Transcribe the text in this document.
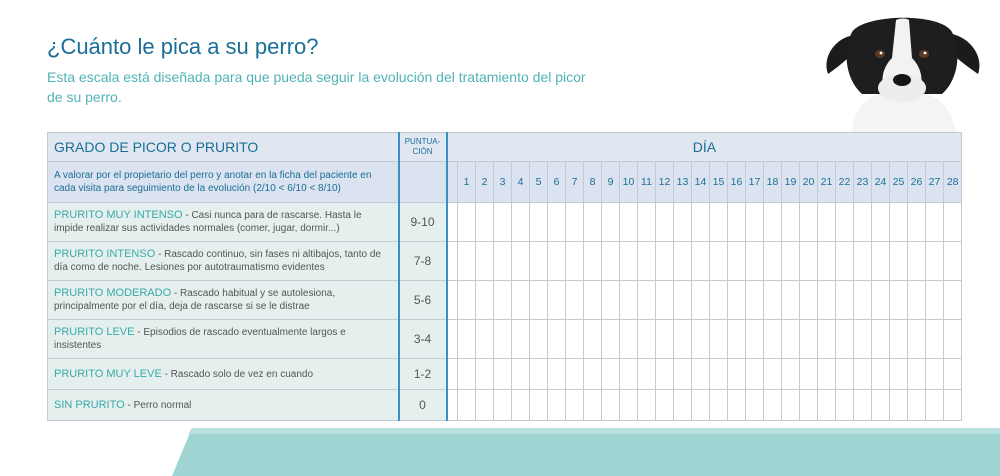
¿Cuánto le pica a su perro?

Esta escala está diseñada para que pueda seguir la evolución del tratamiento del picor de su perro.

GRADO DE PICOR O PRURITO	PUNTUA-CIÓN	DÍA																												
A valorar por el propietario del perro y anotar en la ficha del paciente en cada visita para seguimiento de la evolución (2/10 < 6/10 < 8/10)			1	2	3	4	5	6	7	8	9	10	11	12	13	14	15	16	17	18	19	20	21	22	23	24	25	26	27	28
PRURITO MUY INTENSO - Casi nunca para de rascarse. Hasta le impide realizar sus actividades normales (comer, jugar, dormir...)	9-10																													
PRURITO INTENSO - Rascado continuo, sin fases ni altibajos, tanto de día como de noche. Lesiones por autotraumatismo evidentes	7-8																													
PRURITO MODERADO - Rascado habitual y se autolesiona, principalmente por el día, deja de rascarse si se le distrae	5-6																													
PRURITO LEVE - Episodios de rascado eventualmente largos e insistentes	3-4																													
PRURITO MUY LEVE - Rascado solo de vez en cuando	1-2																													
SIN PRURITO - Perro normal	0																													
